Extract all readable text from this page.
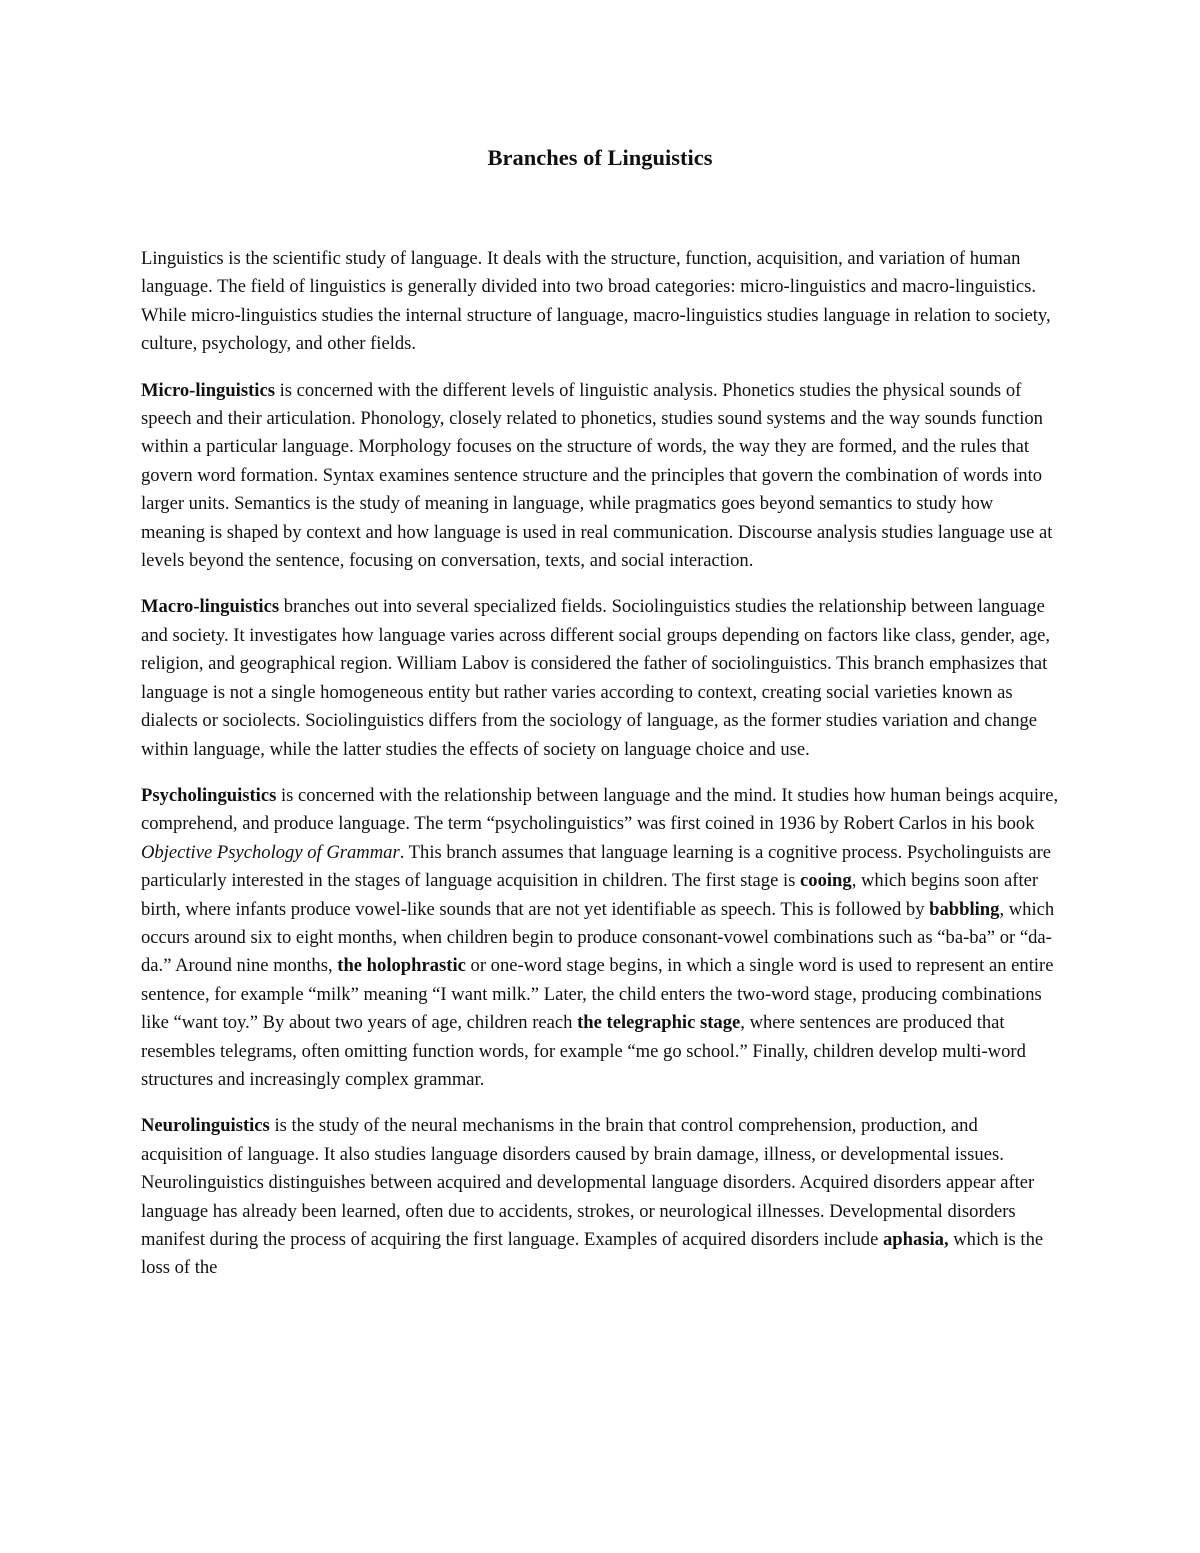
Branches of Linguistics

Linguistics is the scientific study of language. It deals with the structure, function, acquisition, and variation of human language. The field of linguistics is generally divided into two broad categories: micro-linguistics and macro-linguistics. While micro-linguistics studies the internal structure of language, macro-linguistics studies language in relation to society, culture, psychology, and other fields.

Micro-linguistics is concerned with the different levels of linguistic analysis. Phonetics studies the physical sounds of speech and their articulation. Phonology, closely related to phonetics, studies sound systems and the way sounds function within a particular language. Morphology focuses on the structure of words, the way they are formed, and the rules that govern word formation. Syntax examines sentence structure and the principles that govern the combination of words into larger units. Semantics is the study of meaning in language, while pragmatics goes beyond semantics to study how meaning is shaped by context and how language is used in real communication. Discourse analysis studies language use at levels beyond the sentence, focusing on conversation, texts, and social interaction.

Macro-linguistics branches out into several specialized fields. Sociolinguistics studies the relationship between language and society. It investigates how language varies across different social groups depending on factors like class, gender, age, religion, and geographical region. William Labov is considered the father of sociolinguistics. This branch emphasizes that language is not a single homogeneous entity but rather varies according to context, creating social varieties known as dialects or sociolects. Sociolinguistics differs from the sociology of language, as the former studies variation and change within language, while the latter studies the effects of society on language choice and use.

Psycholinguistics is concerned with the relationship between language and the mind. It studies how human beings acquire, comprehend, and produce language. The term “psycholinguistics” was first coined in 1936 by Robert Carlos in his book Objective Psychology of Grammar. This branch assumes that language learning is a cognitive process. Psycholinguists are particularly interested in the stages of language acquisition in children. The first stage is cooing, which begins soon after birth, where infants produce vowel-like sounds that are not yet identifiable as speech. This is followed by babbling, which occurs around six to eight months, when children begin to produce consonant-vowel combinations such as “ba-ba” or “da-da.” Around nine months, the holophrastic or one-word stage begins, in which a single word is used to represent an entire sentence, for example “milk” meaning “I want milk.” Later, the child enters the two-word stage, producing combinations like “want toy.” By about two years of age, children reach the telegraphic stage, where sentences are produced that resembles telegrams, often omitting function words, for example “me go school.” Finally, children develop multi-word structures and increasingly complex grammar.

Neurolinguistics is the study of the neural mechanisms in the brain that control comprehension, production, and acquisition of language. It also studies language disorders caused by brain damage, illness, or developmental issues. Neurolinguistics distinguishes between acquired and developmental language disorders. Acquired disorders appear after language has already been learned, often due to accidents, strokes, or neurological illnesses. Developmental disorders manifest during the process of acquiring the first language. Examples of acquired disorders include aphasia, which is the loss of the
